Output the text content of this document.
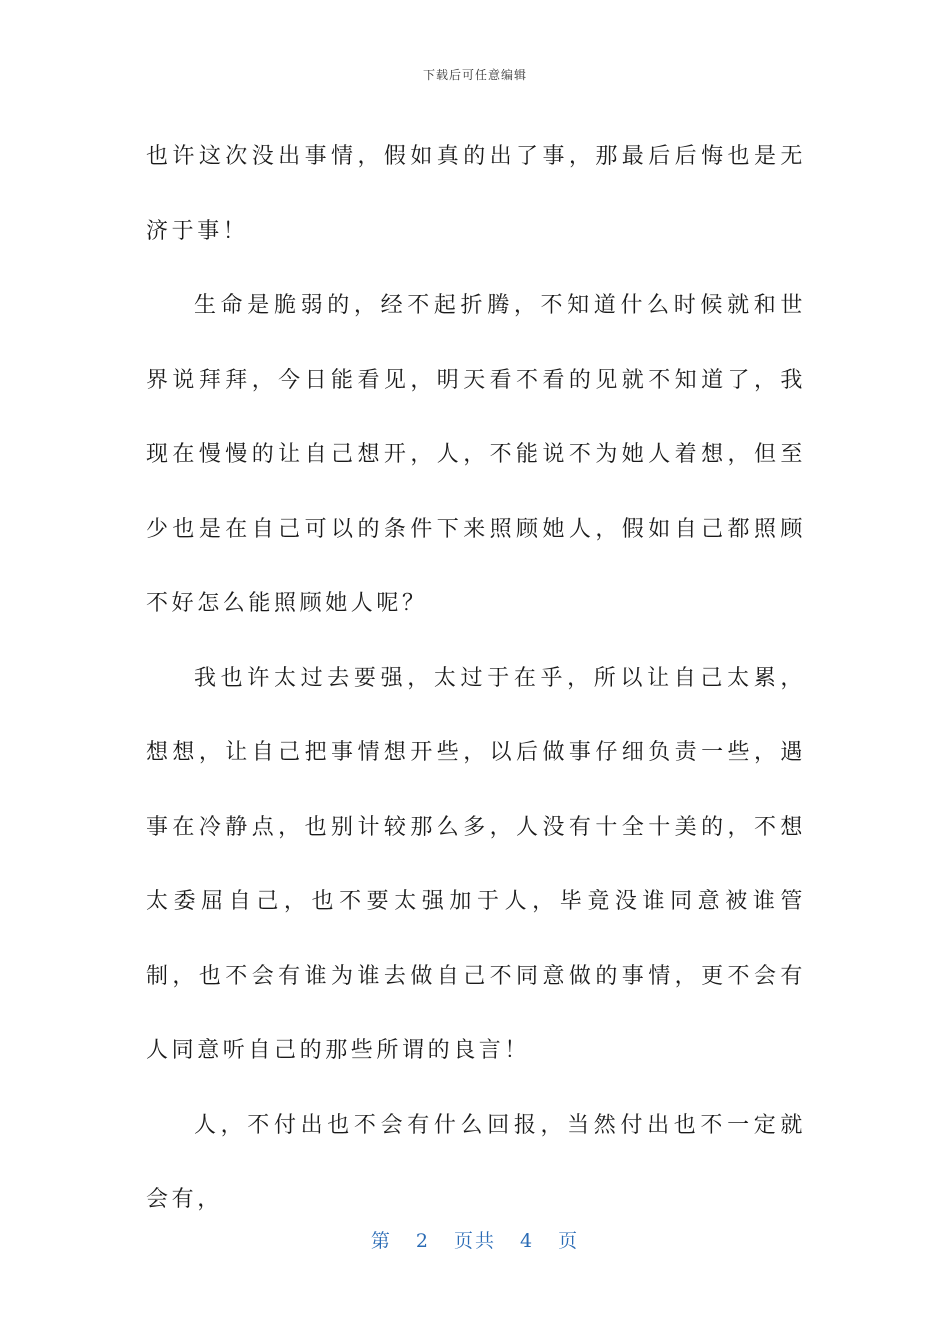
下载后可任意编辑

也许这次没出事情，假如真的出了事，那最后后悔也是无济于事！

生命是脆弱的，经不起折腾，不知道什么时候就和世界说拜拜，今日能看见，明天看不看的见就不知道了，我现在慢慢的让自己想开，人，不能说不为她人着想，但至少也是在自己可以的条件下来照顾她人，假如自己都照顾不好怎么能照顾她人呢？

我也许太过去要强，太过于在乎，所以让自己太累，想想，让自己把事情想开些，以后做事仔细负责一些，遇事在冷静点，也别计较那么多，人没有十全十美的，不想太委屈自己，也不要太强加于人，毕竟没谁同意被谁管制，也不会有谁为谁去做自己不同意做的事情，更不会有人同意听自己的那些所谓的良言！

人，不付出也不会有什么回报，当然付出也不一定就会有，

第 2 页共 4 页
